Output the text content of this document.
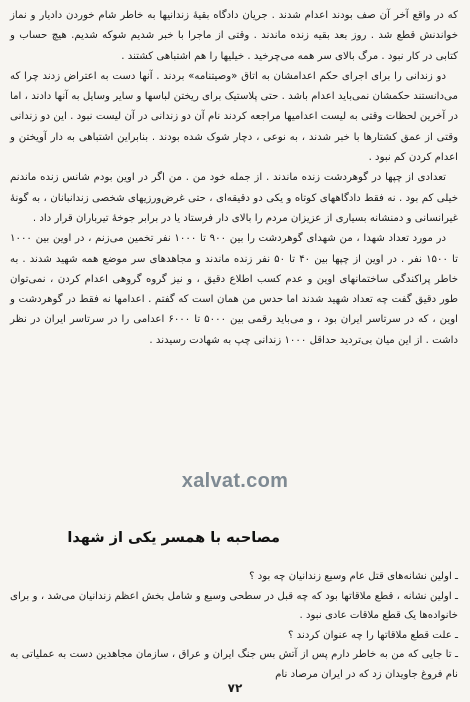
که در واقع آخر آن صف بودند اعدام شدند . جریان دادگاه بقیهٔ زندانیها به خاطر شام خوردن دادیار و نماز خواندنش قطع شد . روز بعد بقیه زنده ماندند . وقتی از ماجرا با خبر شدیم شوکه شدیم. هیچ حساب و کتابی در کار نبود . مرگ بالای سر همه می‌چرخید . خیلیها را هم اشتباهی کشتند .

دو زندانی را برای اجرای حکم اعدامشان به اتاق «وصیتنامه» بردند . آنها دست به اعتراض زدند چرا که می‌دانستند حکمشان نمی‌باید اعدام باشد . حتی پلاستیک برای ریختن لباسها و سایر وسایل به آنها دادند ، اما در آخرین لحظات وقتی به لیست اعدامیها مراجعه کردند نام آن دو زندانی در آن لیست نبود . این دو زندانی وقتی از عمق کشتارها با خبر شدند ، به نوعی ، دچار شوک شده بودند . بنابراین اشتباهی به دار آویختن و اعدام کردن کم نبود .

تعدادی از چپها در گوهردشت زنده ماندند . از جمله خود من . من اگر در اوین بودم شانس زنده ماندنم خیلی کم بود . نه فقط دادگاههای کوتاه و یکی دو دقیقه‌ای ، حتی غرض‌ورزیهای شخصی زندانبانان ، به گونهٔ غیرانسانی و دمنشانه بسیاری از عزیزان مردم را بالای دار فرستاد یا در برابر جوخهٔ تیرباران قرار داد .

در مورد تعداد شهدا ، من شهدای گوهردشت را بین ۹۰۰ تا ۱۰۰۰ نفر تخمین می‌زنم ، در اوین بین ۱۰۰۰ تا ۱۵۰۰ نفر . در اوین از چپها بین ۴۰ تا ۵۰ نفر زنده ماندند و مجاهدهای سر موضع همه شهید شدند . به خاطر پراکندگی ساختمانهای اوین و عدم کسب اطلاع دقیق ، و نیز گروه گروهی اعدام کردن ، نمی‌توان طور دقیق گفت چه تعداد شهید شدند اما حدس من همان است که گفتم . اعدامها نه فقط در گوهردشت و اوین ، که در سرتاسر ایران بود ، و می‌باید رقمی بین ۵۰۰۰ تا ۶۰۰۰ اعدامی را در سرتاسر ایران در نظر داشت . از این میان بی‌تردید حداقل ۱۰۰۰ زندانی چپ به شهادت رسیدند .

xalvat.com
مصاحبه با همسر یکی از شهدا

ـ اولین نشانه‌های قتل عام وسیع زندانیان چه بود ؟

ـ اولین نشانه ، قطع ملاقاتها بود که چه قبل در سطحی وسیع و شامل بخش اعظم زندانیان می‌شد ، و برای خانواده‌ها یک قطع ملاقات عادی نبود .

ـ علت قطع ملاقاتها را چه عنوان کردند ؟

ـ تا جایی که من به خاطر دارم پس از آتش بس جنگ ایران و عراق ، سازمان مجاهدین دست به عملیاتی به نام فروغ جاویدان زد که در ایران مرصاد نام

۷۲
